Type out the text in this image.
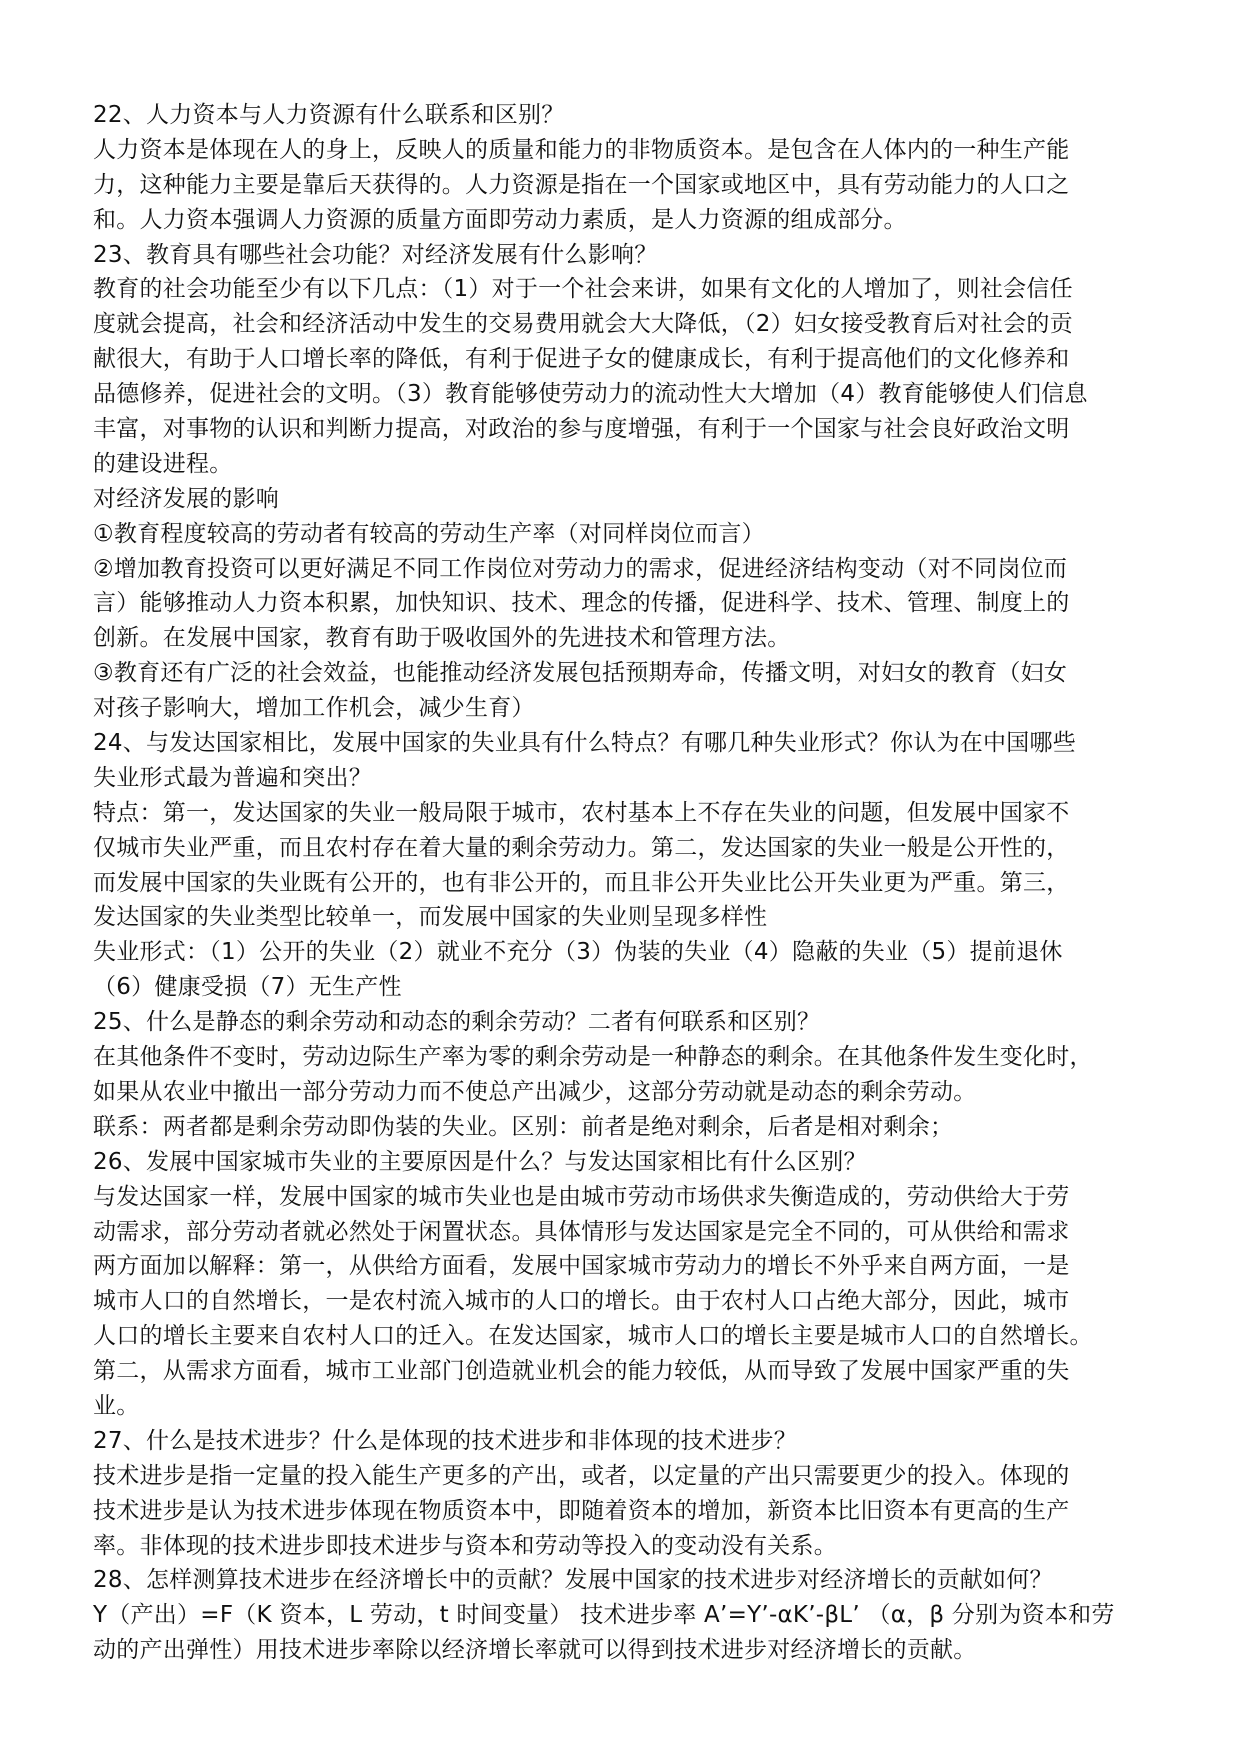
22、人力资本与人力资源有什么联系和区别？
人力资本是体现在人的身上，反映人的质量和能力的非物质资本。是包含在人体内的一种生产能
力，这种能力主要是靠后天获得的。人力资源是指在一个国家或地区中，具有劳动能力的人口之
和。人力资本强调人力资源的质量方面即劳动力素质，是人力资源的组成部分。
23、教育具有哪些社会功能？对经济发展有什么影响？
教育的社会功能至少有以下几点：（1）对于一个社会来讲，如果有文化的人增加了，则社会信任
度就会提高，社会和经济活动中发生的交易费用就会大大降低，（2）妇女接受教育后对社会的贡
献很大，有助于人口增长率的降低，有利于促进子女的健康成长，有利于提高他们的文化修养和
品德修养，促进社会的文明。（3）教育能够使劳动力的流动性大大增加（4）教育能够使人们信息
丰富，对事物的认识和判断力提高，对政治的参与度增强，有利于一个国家与社会良好政治文明
的建设进程。
对经济发展的影响
①教育程度较高的劳动者有较高的劳动生产率（对同样岗位而言）
②增加教育投资可以更好满足不同工作岗位对劳动力的需求，促进经济结构变动（对不同岗位而
言）能够推动人力资本积累，加快知识、技术、理念的传播，促进科学、技术、管理、制度上的
创新。在发展中国家，教育有助于吸收国外的先进技术和管理方法。
③教育还有广泛的社会效益，也能推动经济发展包括预期寿命，传播文明，对妇女的教育（妇女
对孩子影响大，增加工作机会，减少生育）
24、与发达国家相比，发展中国家的失业具有什么特点？有哪几种失业形式？你认为在中国哪些
失业形式最为普遍和突出？
特点：第一，发达国家的失业一般局限于城市，农村基本上不存在失业的问题，但发展中国家不
仅城市失业严重，而且农村存在着大量的剩余劳动力。第二，发达国家的失业一般是公开性的，
而发展中国家的失业既有公开的，也有非公开的，而且非公开失业比公开失业更为严重。第三，
发达国家的失业类型比较单一，而发展中国家的失业则呈现多样性
失业形式：（1）公开的失业（2）就业不充分（3）伪装的失业（4）隐蔽的失业（5）提前退休
（6）健康受损（7）无生产性
25、什么是静态的剩余劳动和动态的剩余劳动？二者有何联系和区别？
在其他条件不变时，劳动边际生产率为零的剩余劳动是一种静态的剩余。在其他条件发生变化时，
如果从农业中撤出一部分劳动力而不使总产出减少，这部分劳动就是动态的剩余劳动。
联系：两者都是剩余劳动即伪装的失业。区别：前者是绝对剩余，后者是相对剩余；
26、发展中国家城市失业的主要原因是什么？与发达国家相比有什么区别？
与发达国家一样，发展中国家的城市失业也是由城市劳动市场供求失衡造成的，劳动供给大于劳
动需求，部分劳动者就必然处于闲置状态。具体情形与发达国家是完全不同的，可从供给和需求
两方面加以解释：第一，从供给方面看，发展中国家城市劳动力的增长不外乎来自两方面，一是
城市人口的自然增长，一是农村流入城市的人口的增长。由于农村人口占绝大部分，因此，城市
人口的增长主要来自农村人口的迁入。在发达国家，城市人口的增长主要是城市人口的自然增长。
第二，从需求方面看，城市工业部门创造就业机会的能力较低，从而导致了发展中国家严重的失
业。
27、什么是技术进步？什么是体现的技术进步和非体现的技术进步？
技术进步是指一定量的投入能生产更多的产出，或者，以定量的产出只需要更少的投入。体现的
技术进步是认为技术进步体现在物质资本中，即随着资本的增加，新资本比旧资本有更高的生产
率。非体现的技术进步即技术进步与资本和劳动等投入的变动没有关系。
28、怎样测算技术进步在经济增长中的贡献？发展中国家的技术进步对经济增长的贡献如何？
Y（产出）=F（K 资本，L 劳动，t 时间变量） 技术进步率 A’=Y’-αK’-βL’ （α，β 分别为资本和劳
动的产出弹性）用技术进步率除以经济增长率就可以得到技术进步对经济增长的贡献。
